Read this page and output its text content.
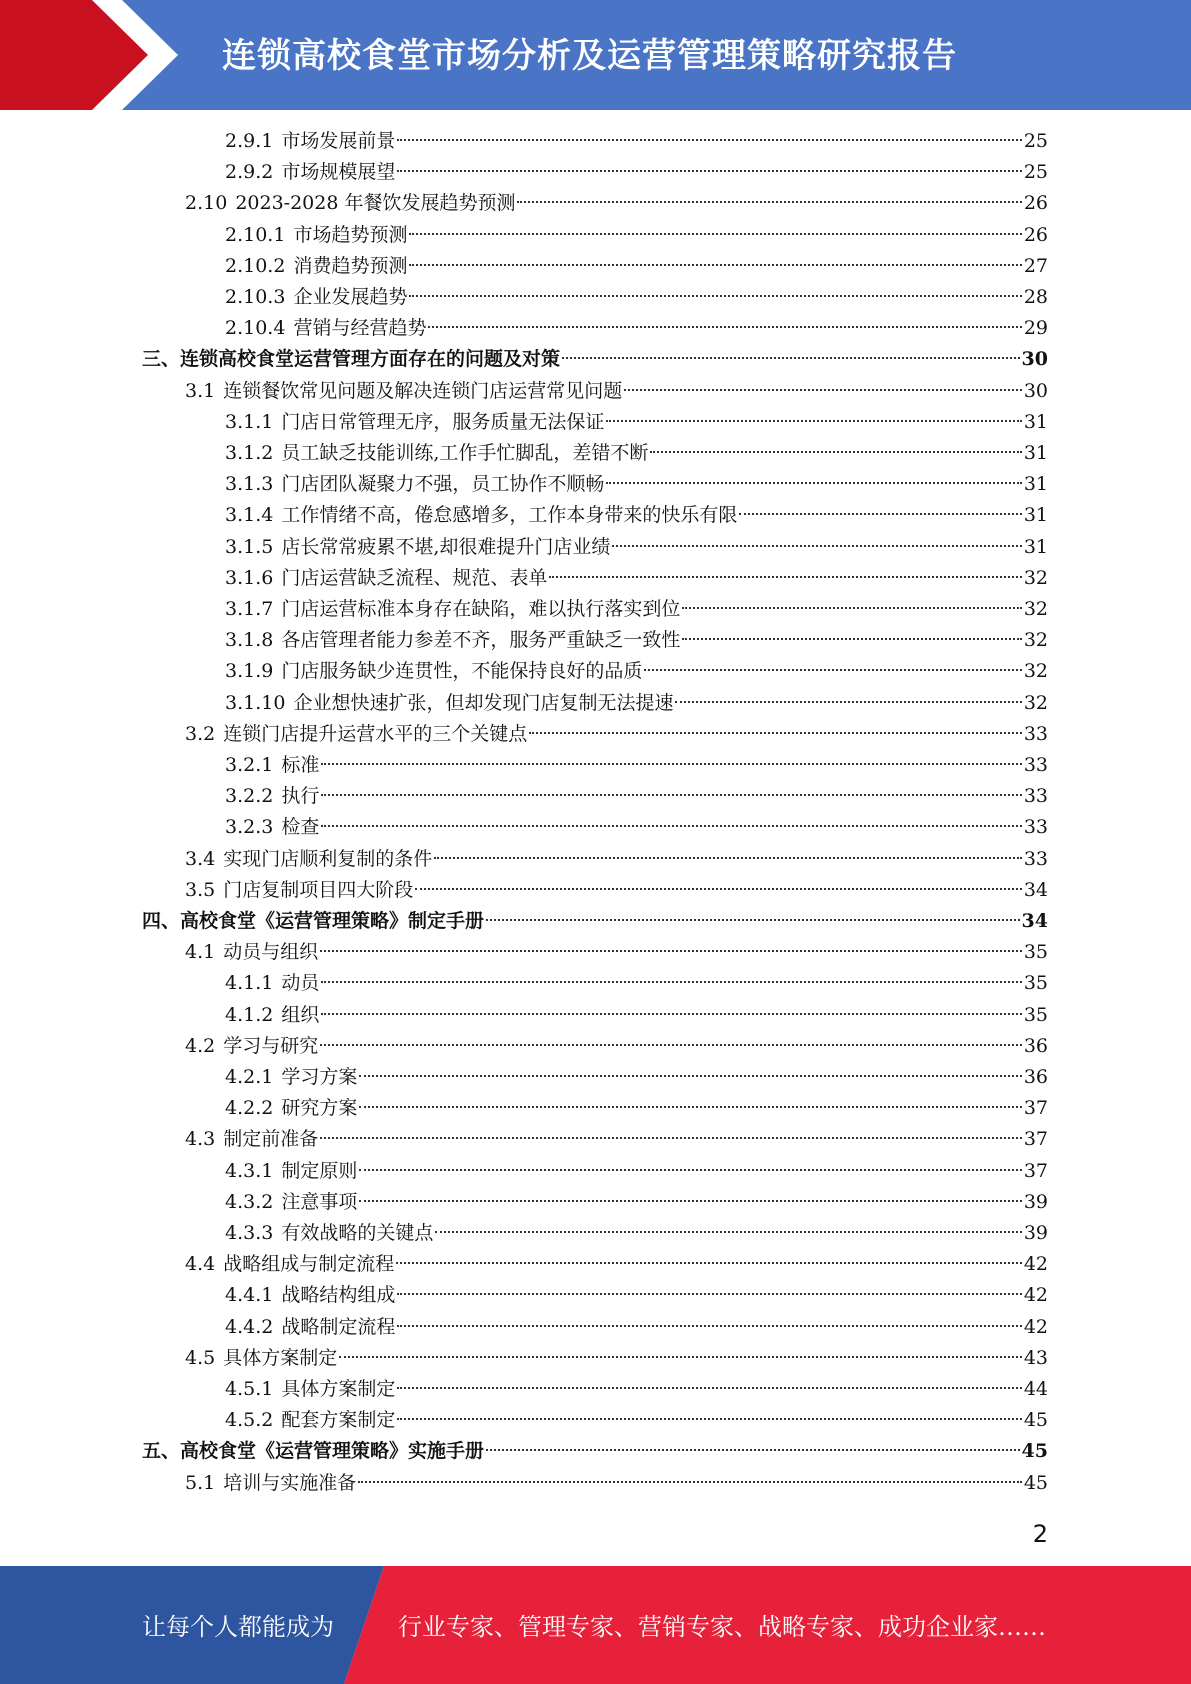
连锁高校食堂市场分析及运营管理策略研究报告
2.9.1 市场发展前景	25
2.9.2 市场规模展望	25
2.10 2023-2028 年餐饮发展趋势预测	26
2.10.1 市场趋势预测	26
2.10.2 消费趋势预测	27
2.10.3 企业发展趋势	28
2.10.4 营销与经营趋势	29
三、 连锁高校食堂运营管理方面存在的问题及对策	30
3.1 连锁餐饮常见问题及解决连锁门店运营常见问题	30
3.1.1 门店日常管理无序，服务质量无法保证	31
3.1.2 员工缺乏技能训练,工作手忙脚乱，差错不断	31
3.1.3 门店团队凝聚力不强，员工协作不顺畅	31
3.1.4 工作情绪不高，倦怠感增多，工作本身带来的快乐有限	31
3.1.5 店长常常疲累不堪,却很难提升门店业绩	31
3.1.6 门店运营缺乏流程、规范、表单	32
3.1.7 门店运营标准本身存在缺陷，难以执行落实到位	32
3.1.8 各店管理者能力参差不齐，服务严重缺乏一致性	32
3.1.9 门店服务缺少连贯性，不能保持良好的品质	32
3.1.10 企业想快速扩张，但却发现门店复制无法提速	32
3.2 连锁门店提升运营水平的三个关键点	33
3.2.1 标准	33
3.2.2 执行	33
3.2.3 检查	33
3.4 实现门店顺利复制的条件	33
3.5 门店复制项目四大阶段	34
四、 高校食堂《运营管理策略》制定手册	34
4.1 动员与组织	35
4.1.1 动员	35
4.1.2 组织	35
4.2 学习与研究	36
4.2.1 学习方案	36
4.2.2 研究方案	37
4.3 制定前准备	37
4.3.1 制定原则	37
4.3.2 注意事项	39
4.3.3 有效战略的关键点	39
4.4 战略组成与制定流程	42
4.4.1 战略结构组成	42
4.4.2 战略制定流程	42
4.5 具体方案制定	43
4.5.1 具体方案制定	44
4.5.2 配套方案制定	45
五、 高校食堂《运营管理策略》实施手册	45
5.1 培训与实施准备	45
2
让每个人都能成为	行业专家、管理专家、营销专家、战略专家、成功企业家……
